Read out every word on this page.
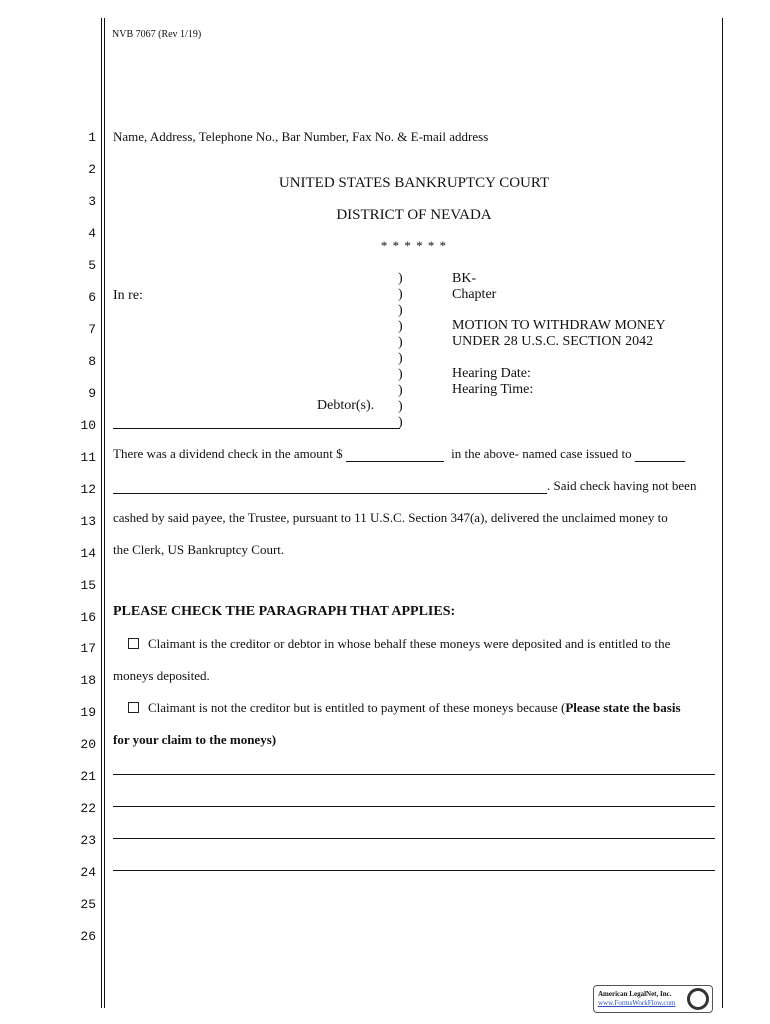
NVB 7067 (Rev 1/19)
1
2
3
4
5
6
7
8
9
10
11
12
13
14
15
16
17
18
19
20
21
22
23
24
25
26
Name, Address, Telephone No., Bar Number, Fax No. & E-mail address
UNITED STATES BANKRUPTCY COURT
DISTRICT OF NEVADA
* * * * * *
In re:
Debtor(s).
)
)
)
)
)
)
)
)
)
)
BK-
Chapter
MOTION TO WITHDRAW MONEY
UNDER 28 U.S.C. SECTION 2042
Hearing Date:
Hearing Time:
There was a dividend check in the amount $	in the above- named case issued to
. Said check having not been
cashed by said payee, the Trustee, pursuant to 11 U.S.C. Section 347(a), delivered the unclaimed money to
the Clerk, US Bankruptcy Court.
PLEASE CHECK THE PARAGRAPH THAT APPLIES:
Claimant is the creditor or debtor in whose behalf these moneys were deposited and is entitled to the
moneys deposited.
Claimant is not the creditor but is entitled to payment of these moneys because (Please state the basis
for your claim to the moneys)
American LegalNet, Inc.
www.FormsWorkFlow.com
